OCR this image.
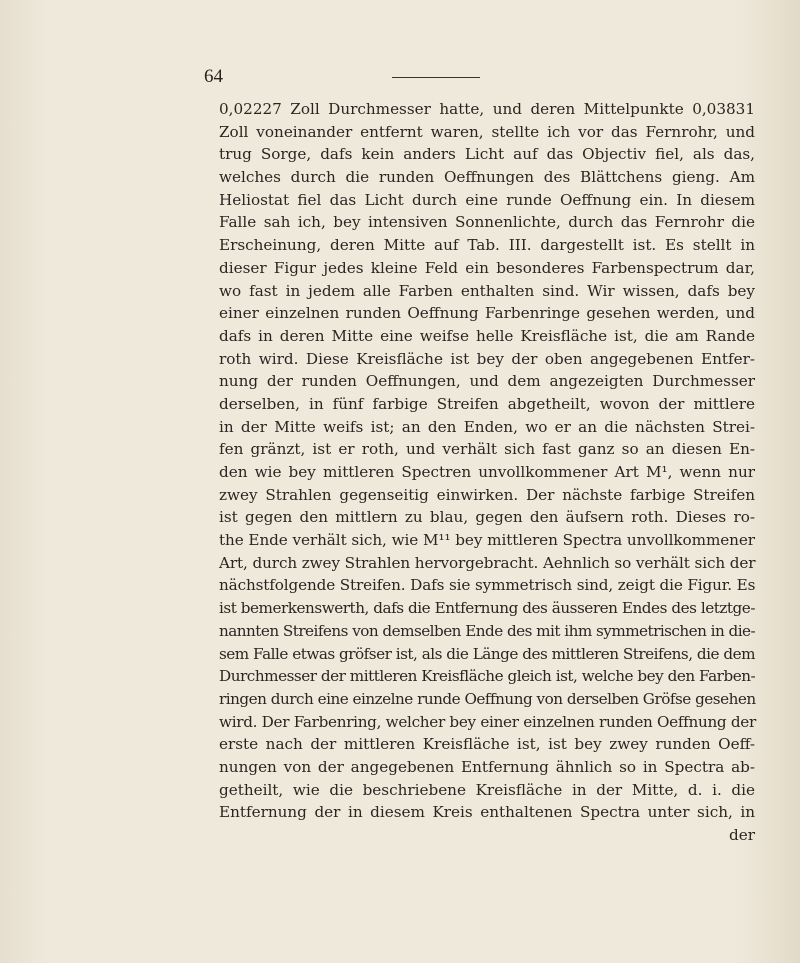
64
0,02227 Zoll Durchmesser hatte, und deren Mittelpunkte 0,03831
Zoll voneinander entfernt waren, stellte ich vor das Fernrohr, und
trug Sorge, dafs kein anders Licht auf das Objectiv fiel, als das,
welches durch die runden Oeffnungen des Blättchens gieng. Am
Heliostat fiel das Licht durch eine runde Oeffnung ein. In diesem
Falle sah ich, bey intensiven Sonnenlichte, durch das Fernrohr die
Erscheinung, deren Mitte auf Tab. III. dargestellt ist. Es stellt in
dieser Figur jedes kleine Feld ein besonderes Farbenspectrum dar,
wo fast in jedem alle Farben enthalten sind. Wir wissen, dafs bey
einer einzelnen runden Oeffnung Farbenringe gesehen werden, und
dafs in deren Mitte eine weifse helle Kreisfläche ist, die am Rande
roth wird. Diese Kreisfläche ist bey der oben angegebenen Entfer-
nung der runden Oeffnungen, und dem angezeigten Durchmesser
derselben, in fünf farbige Streifen abgetheilt, wovon der mittlere
in der Mitte weifs ist; an den Enden, wo er an die nächsten Strei-
fen gränzt, ist er roth, und verhält sich fast ganz so an diesen En-
den wie bey mittleren Spectren unvollkommener Art M¹, wenn nur
zwey Strahlen gegenseitig einwirken. Der nächste farbige Streifen
ist gegen den mittlern zu blau, gegen den äufsern roth. Dieses ro-
the Ende verhält sich, wie M¹¹ bey mittleren Spectra unvollkommener
Art, durch zwey Strahlen hervorgebracht. Aehnlich so verhält sich der
nächstfolgende Streifen. Dafs sie symmetrisch sind, zeigt die Figur. Es
ist bemerkenswerth, dafs die Entfernung des äusseren Endes des letztge-
nannten Streifens von demselben Ende des mit ihm symmetrischen in die-
sem Falle etwas gröfser ist, als die Länge des mittleren Streifens, die dem
Durchmesser der mittleren Kreisfläche gleich ist, welche bey den Farben-
ringen durch eine einzelne runde Oeffnung von derselben Gröfse gesehen
wird. Der Farbenring, welcher bey einer einzelnen runden Oeffnung der
erste nach der mittleren Kreisfläche ist, ist bey zwey runden Oeff-
nungen von der angegebenen Entfernung ähnlich so in Spectra ab-
getheilt, wie die beschriebene Kreisfläche in der Mitte, d. i. die
Entfernung der in diesem Kreis enthaltenen Spectra unter sich, in
der
